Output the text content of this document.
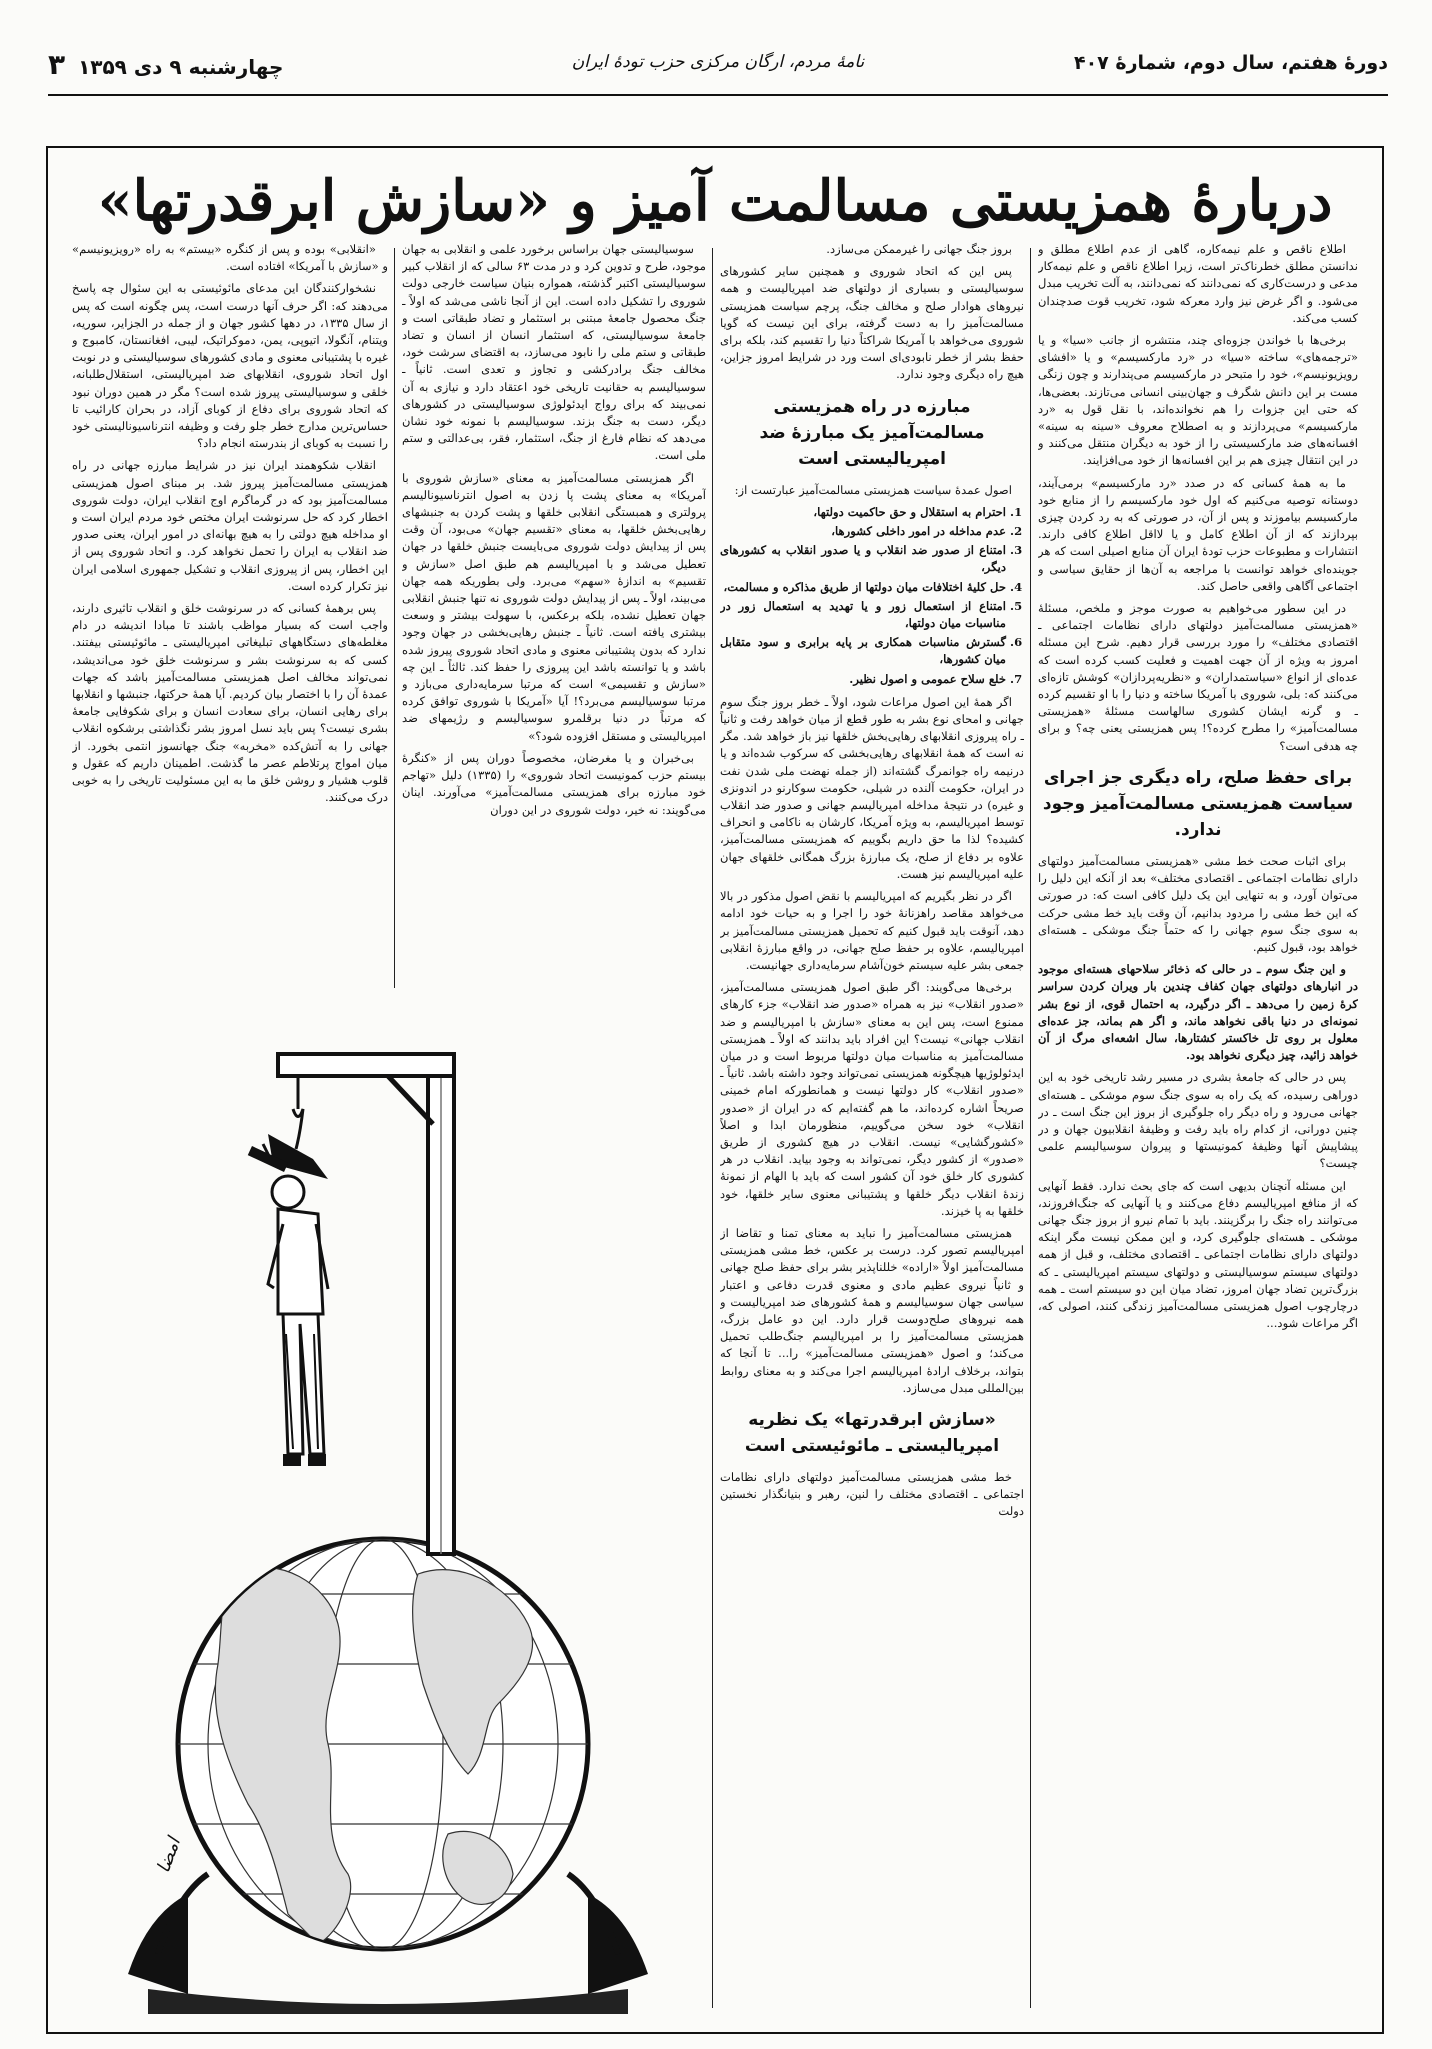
دورهٔ هفتم، سال دوم، شمارهٔ ۴۰۷
نامهٔ مردم، ارگان مرکزی حزب تودهٔ ایران
چهارشنبه ۹ دی ۱۳۵۹ ۳
دربارهٔ همزیستی مسالمت آمیز و «سازش ابرقدرتها»

اطلاع ناقص و علم نیمه‌کاره، گاهی از عدم اطلاع مطلق و ندانستن مطلق خطرناک‌تر است، زیرا اطلاع ناقص و علم نیمه‌کار مدعی و درست‌کاری که نمی‌دانند که نمی‌دانند، به آلت تخریب مبدل می‌شود. و اگر غرض نیز وارد معرکه شود، تخریب قوت صدچندان کسب می‌کند.

برخی‌ها با خواندن جزوه‌ای چند، منتشره از جانب «سیا» و یا «ترجمه‌های» ساخته «سیا» در «رد مارکسیسم» و یا «افشای رویزیونیسم»، خود را متبحر در مارکسیسم می‌پندارند و چون زنگی مست بر این دانش شگرف و جهان‌بینی انسانی می‌تازند. بعضی‌ها، که حتی این جزوات را هم نخوانده‌اند، با نقل قول به «رد مارکسیسم» می‌پردازند و به اصطلاح معروف «سینه به سینه» افسانه‌های ضد مارکسیستی را از خود به دیگران منتقل می‌کنند و در این انتقال چیزی هم بر این افسانه‌ها از خود می‌افزایند.

ما به همهٔ کسانی که در صدد «رد مارکسیسم» برمی‌آیند، دوستانه توصیه می‌کنیم که اول خود مارکسیسم را از منابع خود مارکسیسم بیاموزند و پس از آن، در صورتی که به رد کردن چیزی بپردازند که از آن اطلاع کامل و یا لااقل اطلاع کافی دارند. انتشارات و مطبوعات حزب تودهٔ ایران آن منابع اصیلی است که هر جوینده‌ای خواهد توانست با مراجعه به آن‌ها از حقایق سیاسی و اجتماعی آگاهی واقعی حاصل کند.

در این سطور می‌خواهیم به صورت موجز و ملخص، مسئلهٔ «همزیستی مسالمت‌آمیز دولتهای دارای نظامات اجتماعی ـ اقتصادی مختلف» را مورد بررسی قرار دهیم. شرح این مسئله امروز به ویژه از آن جهت اهمیت و فعلیت کسب کرده است که عده‌ای از انواع «سیاستمداران» و «نظریه‌پردازان» کوشش تازه‌ای می‌کنند که: بلی، شوروی با آمریکا ساخته و دنیا را با او تقسیم کرده ـ و گرنه ایشان کشوری سالهاست مسئلهٔ «همزیستی مسالمت‌آمیز» را مطرح کرده؟! پس همزیستی یعنی چه؟ و برای چه هدفی است؟

برای حفظ صلح، راه دیگری جز اجرای سیاست همزیستی مسالمت‌آمیز وجود ندارد.

برای اثبات صحت خط مشی «همزیستی مسالمت‌آمیز دولتهای دارای نظامات اجتماعی ـ اقتصادی مختلف» بعد از آنکه این دلیل را می‌توان آورد، و به تنهایی این یک دلیل کافی است که: در صورتی که این خط مشی را مردود بدانیم، آن وقت باید خط مشی حرکت به سوی جنگ سوم جهانی را که حتماً جنگ موشکی ـ هسته‌ای خواهد بود، قبول کنیم.

و این جنگ سوم ـ در حالی که ذخائر سلاحهای هسته‌ای موجود در انبارهای دولتهای جهان کفاف چندین بار ویران کردن سراسر کرهٔ زمین را می‌دهد ـ اگر درگیرد، به احتمال قوی، از نوع بشر نمونه‌ای در دنیا باقی نخواهد ماند، و اگر هم بماند، جز عده‌ای معلول بر روی تل خاکستر کشتارها، سال اشعه‌ای مرگ از آن خواهد زائید، چیز دیگری نخواهد بود.

پس در حالی که جامعهٔ بشری در مسیر رشد تاریخی خود به این دوراهی رسیده، که یک راه به سوی جنگ سوم موشکی ـ هسته‌ای جهانی می‌رود و راه دیگر راه جلوگیری از بروز این جنگ است ـ در چنین دورانی، از کدام راه باید رفت و وظیفهٔ انقلابیون جهان و در پیشاپیش آنها وظیفهٔ کمونیستها و پیروان سوسیالیسم علمی چیست؟

این مسئله آنچنان بدیهی است که جای بحث ندارد. فقط آنهایی که از منافع امپریالیسم دفاع می‌کنند و یا آنهایی که جنگ‌افروزند، می‌توانند راه جنگ را برگزینند. باید با تمام نیرو از بروز جنگ جهانی موشکی ـ هسته‌ای جلوگیری کرد، و این ممکن نیست مگر اینکه دولتهای دارای نظامات اجتماعی ـ اقتصادی مختلف، و قبل از همه دولتهای سیستم سوسیالیستی و دولتهای سیستم امپریالیستی ـ که بزرگ‌ترین تضاد جهان امروز، تضاد میان این دو سیستم است ـ همه درچارچوب اصول همزیستی مسالمت‌آمیز زندگی کنند، اصولی که، اگر مراعات شود...

بروز جنگ جهانی را غیرممکن می‌سازد.

پس این که اتحاد شوروی و همچنین سایر کشورهای سوسیالیستی و بسیاری از دولتهای ضد امپریالیست و همه نیروهای هوادار صلح و مخالف جنگ، پرچم سیاست همزیستی مسالمت‌آمیز را به دست گرفته، برای این نیست که گویا شوروی می‌خواهد با آمریکا شراکتاً دنیا را تقسیم کند، بلکه برای حفظ بشر از خطر نابودی‌ای است ورد در شرایط امروز جزاین، هیچ راه دیگری وجود ندارد.

مبارزه در راه همزیستی مسالمت‌آمیز یک مبارزهٔ ضد امپریالیستی است

اصول عمدهٔ سیاست همزیستی مسالمت‌آمیز عبارتست از:

1. احترام به استقلال و حق حاکمیت دولتها،
2. عدم مداخله در امور داخلی کشورها،
3. امتناع از صدور ضد انقلاب و یا صدور انقلاب به کشورهای دیگر،
4. حل کلیهٔ اختلافات میان دولتها از طریق مذاکره و مسالمت،
5. امتناع از استعمال زور و یا تهدید به استعمال زور در مناسبات میان دولتها،
6. گسترش مناسبات همکاری بر پایه برابری و سود متقابل میان کشورها،
7. خلع سلاح عمومی و اصول نظیر.

اگر همهٔ این اصول مراعات شود، اولاً ـ خطر بروز جنگ سوم جهانی و امحای نوع بشر به طور قطع از میان خواهد رفت و ثانیاً ـ راه پیروزی انقلابهای رهایی‌بخش خلقها نیز باز خواهد شد. مگر نه است که همهٔ انقلابهای رهایی‌بخشی که سرکوب شده‌اند و یا درنیمه راه جوانمرگ گشته‌اند (از جمله نهضت ملی شدن نفت در ایران، حکومت آلنده در شیلی، حکومت سوکارنو در اندونزی و غیره) در نتیجهٔ مداخله امپریالیسم جهانی و صدور ضد انقلاب توسط امپریالیسم، به ویژه آمریکا، کارشان به ناکامی و انحراف کشیده؟ لذا ما حق داریم بگوییم که همزیستی مسالمت‌آمیز، علاوه بر دفاع از صلح، یک مبارزهٔ بزرگ همگانی خلقهای جهان علیه امپریالیسم نیز هست.

اگر در نظر بگیریم که امپریالیسم با نقض اصول مذکور در بالا می‌خواهد مقاصد راهزنانهٔ خود را اجرا و به حیات خود ادامه دهد، آنوقت باید قبول کنیم که تحمیل همزیستی مسالمت‌آمیز بر امپریالیسم، علاوه بر حفظ صلح جهانی، در واقع مبارزهٔ انقلابی جمعی بشر علیه سیستم خون‌آشام سرمایه‌داری جهانیست.

برخی‌ها می‌گویند: اگر طبق اصول همزیستی مسالمت‌آمیز، «صدور انقلاب» نیز به همراه «صدور ضد انقلاب» جزء کارهای ممنوع است، پس این به معنای «سازش با امپریالیسم و ضد انقلاب جهانی» نیست؟ این افراد باید بدانند که اولاً ـ همزیستی مسالمت‌آمیز به مناسبات میان دولتها مربوط است و در میان ایدئولوژیها هیچگونه همزیستی نمی‌تواند وجود داشته باشد. ثانیاً ـ «صدور انقلاب» کار دولتها نیست و همانطورکه امام خمینی صریحاً اشاره کرده‌اند، ما هم گفته‌ایم که در ایران از «صدور انقلاب» خود سخن می‌گوییم، منظورمان ابدا و اصلاً «کشورگشایی» نیست. انقلاب در هیچ کشوری از طریق «صدور» از کشور دیگر، نمی‌تواند به وجود بیاید. انقلاب در هر کشوری کار خلق خود آن کشور است که باید با الهام از نمونهٔ زندهٔ انقلاب دیگر خلقها و پشتیبانی معنوی سایر خلقها، خود خلقها به پا خیزند.

همزیستی مسالمت‌آمیز را نباید به معنای تمنا و تقاضا از امپریالیسم تصور کرد. درست بر عکس، خط مشی همزیستی مسالمت‌آمیز اولاً «اراده» خللناپذیر بشر برای حفظ صلح جهانی و ثانیاً نیروی عظیم مادی و معنوی قدرت دفاعی و اعتبار سیاسی جهان سوسیالیسم و همهٔ کشورهای ضد امپریالیست و همه نیروهای صلح‌دوست قرار دارد. این دو عامل بزرگ، همزیستی مسالمت‌آمیز را بر امپریالیسم جنگ‌طلب تحمیل می‌کند؛ و اصول «همزیستی مسالمت‌آمیز» را... تا آنجا که بتواند، برخلاف ارادهٔ امپریالیسم اجرا می‌کند و به معنای روابط بین‌المللی مبدل می‌سازد.

«سازش ابرقدرتها» یک نظریه امپریالیستی ـ مائوئیستی است

خط مشی همزیستی مسالمت‌آمیز دولتهای دارای نظامات اجتماعی ـ اقتصادی مختلف را لنین، رهبر و بنیانگذار نخستین دولت

سوسیالیستی جهان براساس برخورد علمی و انقلابی به جهان موجود، طرح و تدوین کرد و در مدت ۶۳ سالی که از انقلاب کبیر سوسیالیستی اکتبر گذشته، همواره بنیان سیاست خارجی دولت شوروی را تشکیل داده است. این از آنجا ناشی می‌شد که اولاً ـ جنگ محصول جامعهٔ مبتنی بر استثمار و تضاد طبقاتی است و جامعهٔ سوسیالیستی، که استثمار انسان از انسان و تضاد طبقاتی و ستم ملی را نابود می‌سازد، به اقتضای سرشت خود، مخالف جنگ برادرکشی و تجاوز و تعدی است. ثانیاً ـ سوسیالیسم به حقانیت تاریخی خود اعتقاد دارد و نیازی به آن نمی‌بیند که برای رواج ایدئولوژی سوسیالیستی در کشورهای دیگر، دست به جنگ بزند. سوسیالیسم با نمونه خود نشان می‌دهد که نظام فارغ از جنگ، استثمار، فقر، بی‌عدالتی و ستم ملی است.

اگر همزیستی مسالمت‌آمیز به معنای «سازش شوروی با آمریکا» به معنای پشت پا زدن به اصول انترناسیونالیسم پرولتری و همبستگی انقلابی خلقها و پشت کردن به جنبشهای رهایی‌بخش خلقها، به معنای «تقسیم جهان» می‌بود، آن وقت پس از پیدایش دولت شوروی می‌بایست جنبش خلقها در جهان تعطیل می‌شد و با امپریالیسم هم طبق اصل «سازش و تقسیم» به اندازهٔ «سهم» می‌برد. ولی بطوریکه همه جهان می‌بیند، اولاً ـ پس از پیدایش دولت شوروی نه تنها جنبش انقلابی جهان تعطیل نشده، بلکه برعکس، با سهولت بیشتر و وسعت بیشتری یافته است. ثانیاً ـ جنبش رهایی‌بخشی در جهان وجود ندارد که بدون پشتیبانی معنوی و مادی اتحاد شوروی پیروز شده باشد و یا توانسته باشد این پیروزی را حفظ کند. ثالثاً ـ این چه «سازش و تقسیمی» است که مرتبا سرمایه‌داری می‌بازد و مرتبا سوسیالیسم می‌برد؟! آیا «آمریکا با شوروی توافق کرده که مرتباً در دنیا برقلمرو سوسیالیسم و رژیمهای ضد امپریالیستی و مستقل افزوده شود؟»

بی‌خبران و یا مغرضان، مخصوصاً دوران پس از «کنگرهٔ بیستم حزب کمونیست اتحاد شوروی» را (۱۳۳۵) دلیل «تهاجم خود مبارزه برای همزیستی مسالمت‌آمیز» می‌آورند. اینان می‌گویند: نه خیر، دولت شوروی در این دوران

«انقلابی» بوده و پس از کنگره «بیستم» به راه «رویزیونیسم» و «سازش با آمریکا» افتاده است.

نشخوارکنندگان این مدعای مائوئیستی به این سئوال چه پاسخ می‌دهند که: اگر حرف آنها درست است، پس چگونه است که پس از سال ۱۳۳۵، در دهها کشور جهان و از جمله در الجزایر، سوریه، ویتنام، آنگولا، اتیوپی، یمن، دموکراتیک، لیبی، افغانستان، کامبوج و غیره با پشتیبانی معنوی و مادی کشورهای سوسیالیستی و در نوبت اول اتحاد شوروی، انقلابهای ضد امپریالیستی، استقلال‌طلبانه، خلقی و سوسیالیستی پیروز شده است؟ مگر در همین دوران نبود که اتحاد شوروی برای دفاع از کوبای آزاد، در بحران کارائیب تا حساس‌ترین مدارج خطر جلو رفت و وظیفه انترناسیونالیستی خود را نسبت به کوبای از بندرسته انجام داد؟

انقلاب شکوهمند ایران نیز در شرایط مبارزه جهانی در راه همزیستی مسالمت‌آمیز پیروز شد. بر مبنای اصول همزیستی مسالمت‌آمیز بود که در گرماگرم اوج انقلاب ایران، دولت شوروی اخطار کرد که حل سرنوشت ایران مختص خود مردم ایران است و او مداخله هیچ دولتی را به هیچ بهانه‌ای در امور ایران، یعنی صدور ضد انقلاب به ایران را تحمل نخواهد کرد. و اتحاد شوروی پس از این اخطار، پس از پیروزی انقلاب و تشکیل جمهوری اسلامی ایران نیز تکرار کرده است.

پس برهمهٔ کسانی که در سرنوشت خلق و انقلاب تاثیری دارند، واجب است که بسیار مواظب باشند تا مبادا اندیشه در دام مغلطه‌های دستگاههای تبلیغاتی امپریالیستی ـ مائوئیستی بیفتند. کسی که به سرنوشت بشر و سرنوشت خلق خود می‌اندیشد، نمی‌تواند مخالف اصل همزیستی مسالمت‌آمیز باشد که جهات عمدهٔ آن را با اختصار بیان کردیم. آیا همهٔ حرکتها، جنبشها و انقلابها برای رهایی انسان، برای سعادت انسان و برای شکوفایی جامعهٔ بشری نیست؟ پس باید نسل امروز بشر نگذاشتی برشکوه انقلاب جهانی را به آتش‌کده «مخربه» جنگ جهانسوز انتمی بخورد. از میان امواج پرتلاطم عصر ما گذشت. اطمینان داریم که عقول و قلوب هشیار و روشن خلق ما به این مسئولیت تاریخی را به خوبی درک می‌کنند.

امضا
